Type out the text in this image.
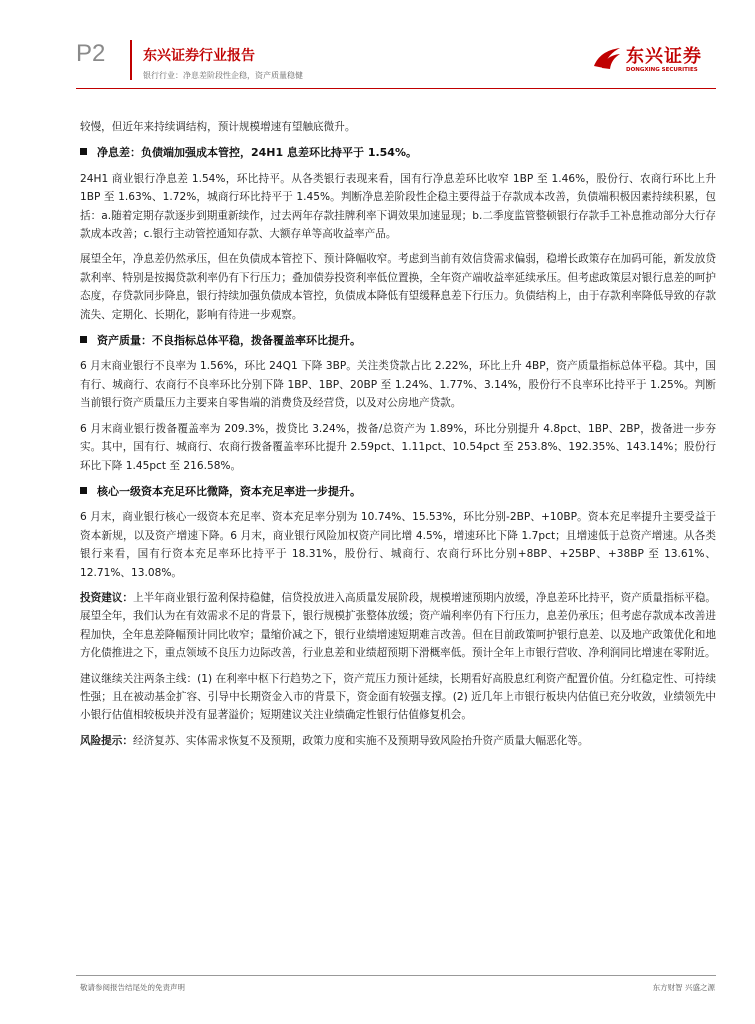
P2	东兴证券行业报告
银行行业：净息差阶段性企稳，资产质量稳健
东兴证券
DONGXING SECURITIES

较慢，但近年来持续调结构，预计规模增速有望触底微升。

净息差：负债端加强成本管控，24H1 息差环比持平于 1.54%。

24H1 商业银行净息差 1.54%，环比持平。从各类银行表现来看，国有行净息差环比收窄 1BP 至 1.46%，股份行、农商行环比上升 1BP 至 1.63%、1.72%，城商行环比持平于 1.45%。判断净息差阶段性企稳主要得益于存款成本改善，负债端积极因素持续积累，包括：a.随着定期存款逐步到期重新续作，过去两年存款挂牌利率下调效果加速显现；b.二季度监管整顿银行存款手工补息推动部分大行存款成本改善；c.银行主动管控通知存款、大额存单等高收益率产品。

展望全年，净息差仍然承压，但在负债成本管控下、预计降幅收窄。考虑到当前有效信贷需求偏弱，稳增长政策存在加码可能，新发放贷款利率、特别是按揭贷款利率仍有下行压力；叠加债券投资利率低位置换，全年资产端收益率延续承压。但考虑政策层对银行息差的呵护态度，存贷款同步降息，银行持续加强负债成本管控，负债成本降低有望缓释息差下行压力。负债结构上，由于存款利率降低导致的存款流失、定期化、长期化，影响有待进一步观察。

资产质量：不良指标总体平稳，拨备覆盖率环比提升。

6 月末商业银行不良率为 1.56%，环比 24Q1 下降 3BP。关注类贷款占比 2.22%，环比上升 4BP，资产质量指标总体平稳。其中，国有行、城商行、农商行不良率环比分别下降 1BP、1BP、20BP 至 1.24%、1.77%、3.14%，股份行不良率环比持平于 1.25%。判断当前银行资产质量压力主要来自零售端的消费贷及经营贷，以及对公房地产贷款。

6 月末商业银行拨备覆盖率为 209.3%，拨贷比 3.24%，拨备/总资产为 1.89%，环比分别提升 4.8pct、1BP、2BP，拨备进一步夯实。其中，国有行、城商行、农商行拨备覆盖率环比提升 2.59pct、1.11pct、10.54pct 至 253.8%、192.35%、143.14%；股份行环比下降 1.45pct 至 216.58%。

核心一级资本充足环比微降，资本充足率进一步提升。

6 月末，商业银行核心一级资本充足率、资本充足率分别为 10.74%、15.53%，环比分别-2BP、+10BP。资本充足率提升主要受益于资本新规，以及资产增速下降。6 月末，商业银行风险加权资产同比增 4.5%，增速环比下降 1.7pct；且增速低于总资产增速。从各类银行来看，国有行资本充足率环比持平于 18.31%，股份行、城商行、农商行环比分别+8BP、+25BP、+38BP 至 13.61%、12.71%、13.08%。

投资建议：上半年商业银行盈利保持稳健，信贷投放进入高质量发展阶段，规模增速预期内放缓，净息差环比持平，资产质量指标平稳。展望全年，我们认为在有效需求不足的背景下，银行规模扩张整体放缓；资产端利率仍有下行压力，息差仍承压；但考虑存款成本改善进程加快，全年息差降幅预计同比收窄；量缩价减之下，银行业绩增速短期难言改善。但在目前政策呵护银行息差、以及地产政策优化和地方化债推进之下，重点领域不良压力边际改善，行业息差和业绩超预期下滑概率低。预计全年上市银行营收、净利润同比增速在零附近。

建议继续关注两条主线：(1) 在利率中枢下行趋势之下，资产荒压力预计延续，长期看好高股息红利资产配置价值。分红稳定性、可持续性强；且在被动基金扩容、引导中长期资金入市的背景下，资金面有较强支撑。(2) 近几年上市银行板块内估值已充分收敛，业绩领先中小银行估值相较板块并没有显著溢价；短期建议关注业绩确定性银行估值修复机会。

风险提示：经济复苏、实体需求恢复不及预期，政策力度和实施不及预期导致风险抬升资产质量大幅恶化等。

敬请参阅报告结尾处的免责声明	东方财智 兴盛之源
